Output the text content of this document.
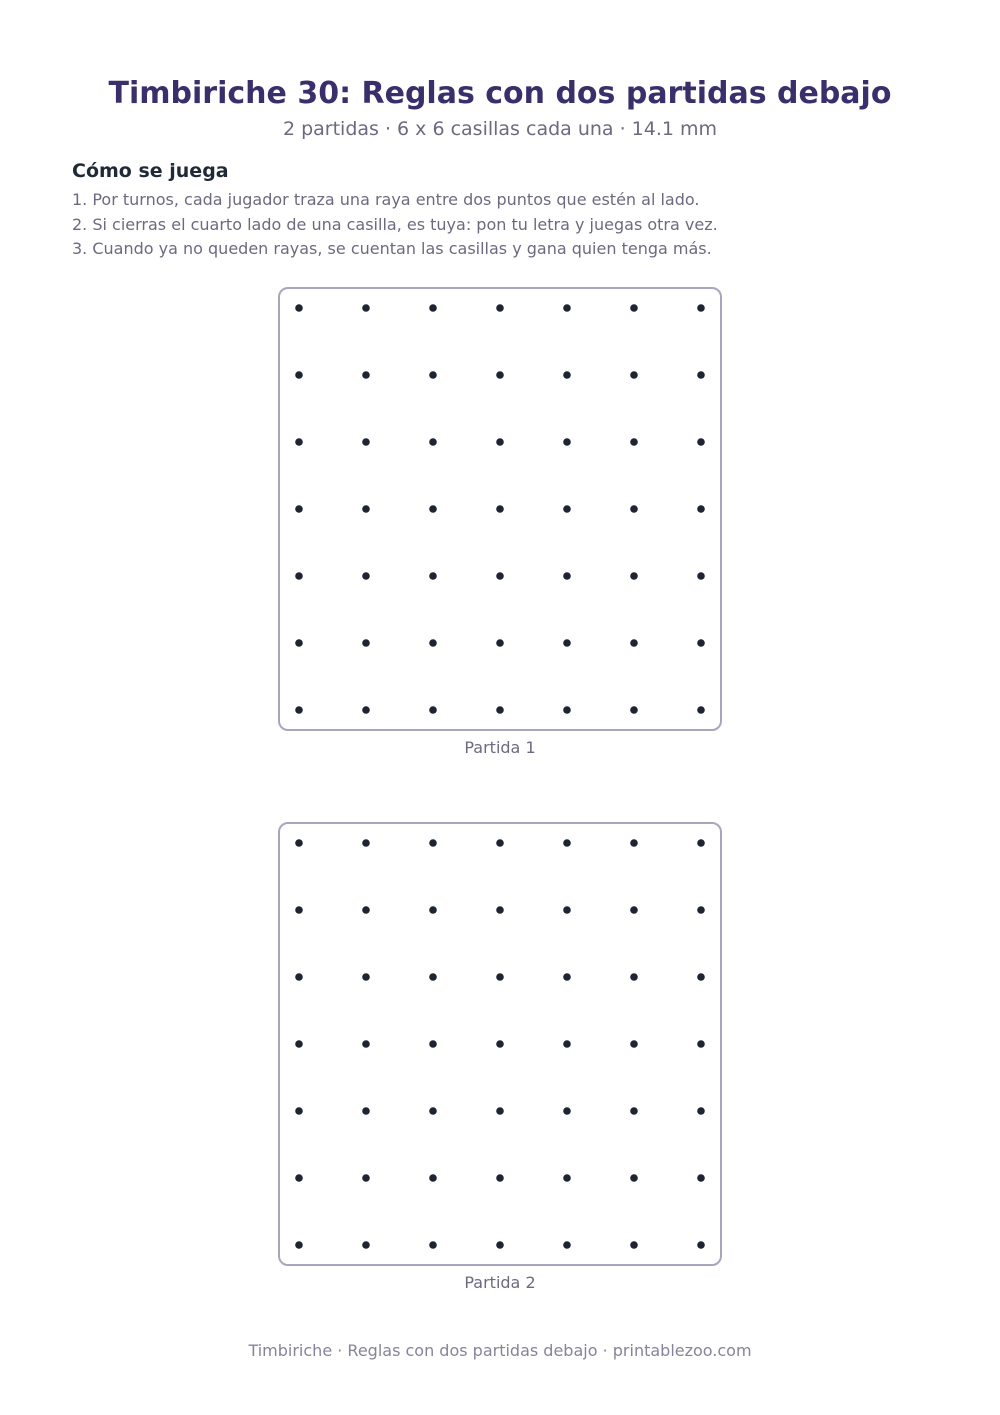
Timbiriche 30: Reglas con dos partidas debajo
2 partidas · 6 x 6 casillas cada una · 14.1 mm
Cómo se juega
1. Por turnos, cada jugador traza una raya entre dos puntos que estén al lado.
2. Si cierras el cuarto lado de una casilla, es tuya: pon tu letra y juegas otra vez.
3. Cuando ya no queden rayas, se cuentan las casillas y gana quien tenga más.
Partida 1
Partida 2
Timbiriche · Reglas con dos partidas debajo · printablezoo.com
